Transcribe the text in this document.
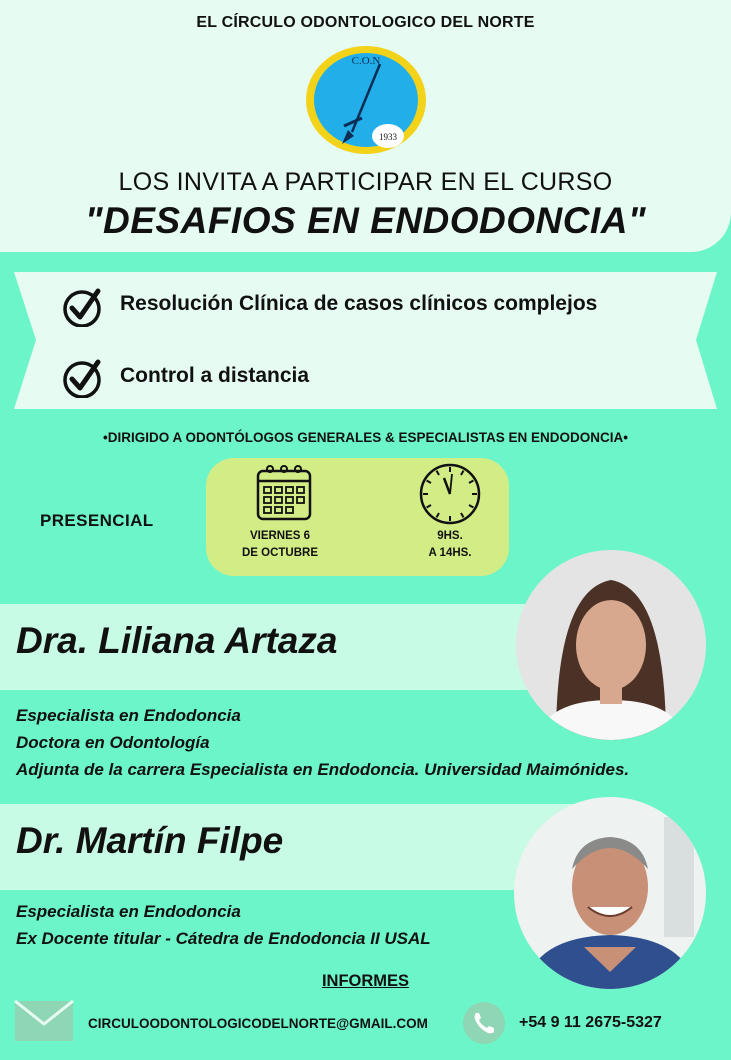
EL CÍRCULO ODONTOLOGICO DEL NORTE
C.O.N
1933
LOS INVITA A PARTICIPAR EN EL CURSO
"DESAFIOS EN ENDODONCIA"
Resolución Clínica de casos clínicos complejos
Control a distancia
•DIRIGIDO A ODONTÓLOGOS GENERALES & ESPECIALISTAS EN ENDODONCIA•
PRESENCIAL
VIERNES 6
DE OCTUBRE
9HS.
A 14HS.
Dra. Liliana Artaza
Especialista en Endodoncia
Doctora en Odontología
Adjunta de la carrera Especialista en Endodoncia. Universidad Maimónides.
Dr. Martín Filpe
Especialista en Endodoncia
Ex Docente titular - Cátedra de Endodoncia II USAL
INFORMES
CIRCULOODONTOLOGICODELNORTE@GMAIL.COM	+54 9 11 2675-5327
